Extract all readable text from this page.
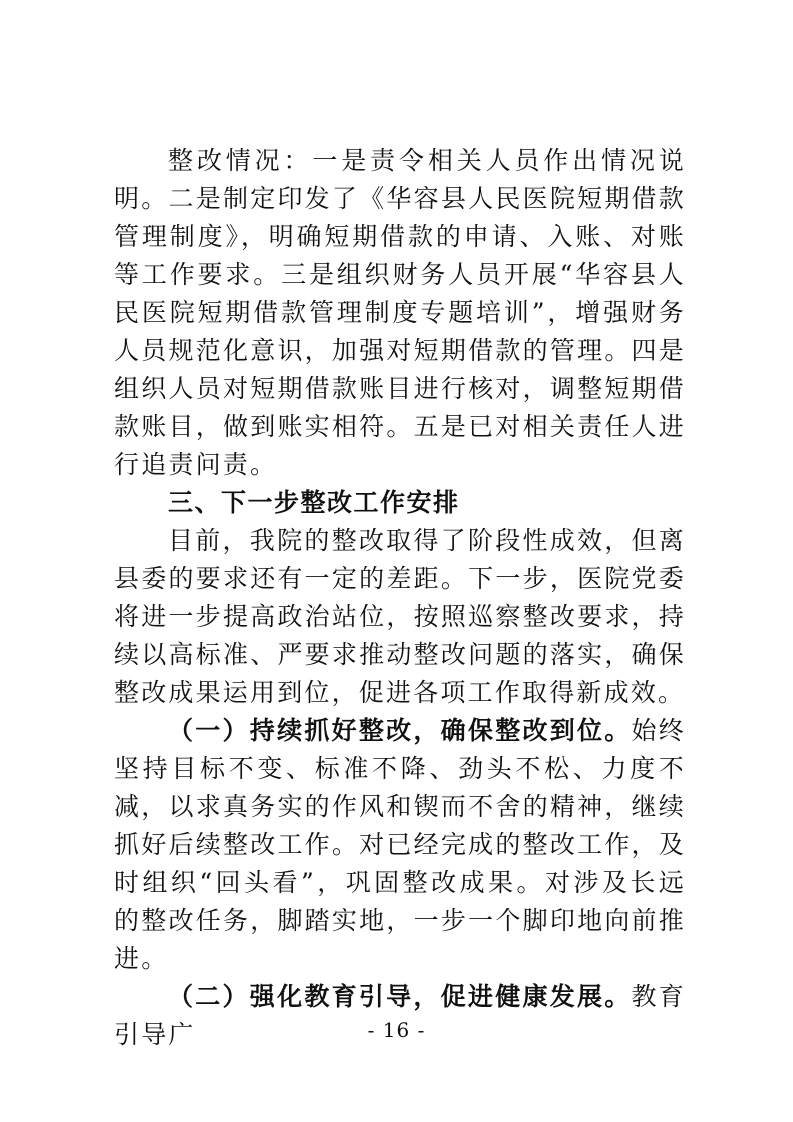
整改情况：一是责令相关人员作出情况说明。二是制定印发了《华容县人民医院短期借款管理制度》，明确短期借款的申请、入账、对账等工作要求。三是组织财务人员开展“华容县人民医院短期借款管理制度专题培训”，增强财务人员规范化意识，加强对短期借款的管理。四是组织人员对短期借款账目进行核对，调整短期借款账目，做到账实相符。五是已对相关责任人进行追责问责。

三、下一步整改工作安排

目前，我院的整改取得了阶段性成效，但离县委的要求还有一定的差距。下一步，医院党委将进一步提高政治站位，按照巡察整改要求，持续以高标准、严要求推动整改问题的落实，确保整改成果运用到位，促进各项工作取得新成效。

（一）持续抓好整改，确保整改到位。始终坚持目标不变、标准不降、劲头不松、力度不减，以求真务实的作风和锲而不舍的精神，继续抓好后续整改工作。对已经完成的整改工作，及时组织“回头看”，巩固整改成果。对涉及长远的整改任务，脚踏实地，一步一个脚印地向前推进。

（二）强化教育引导，促进健康发展。教育引导广	- 16 -
